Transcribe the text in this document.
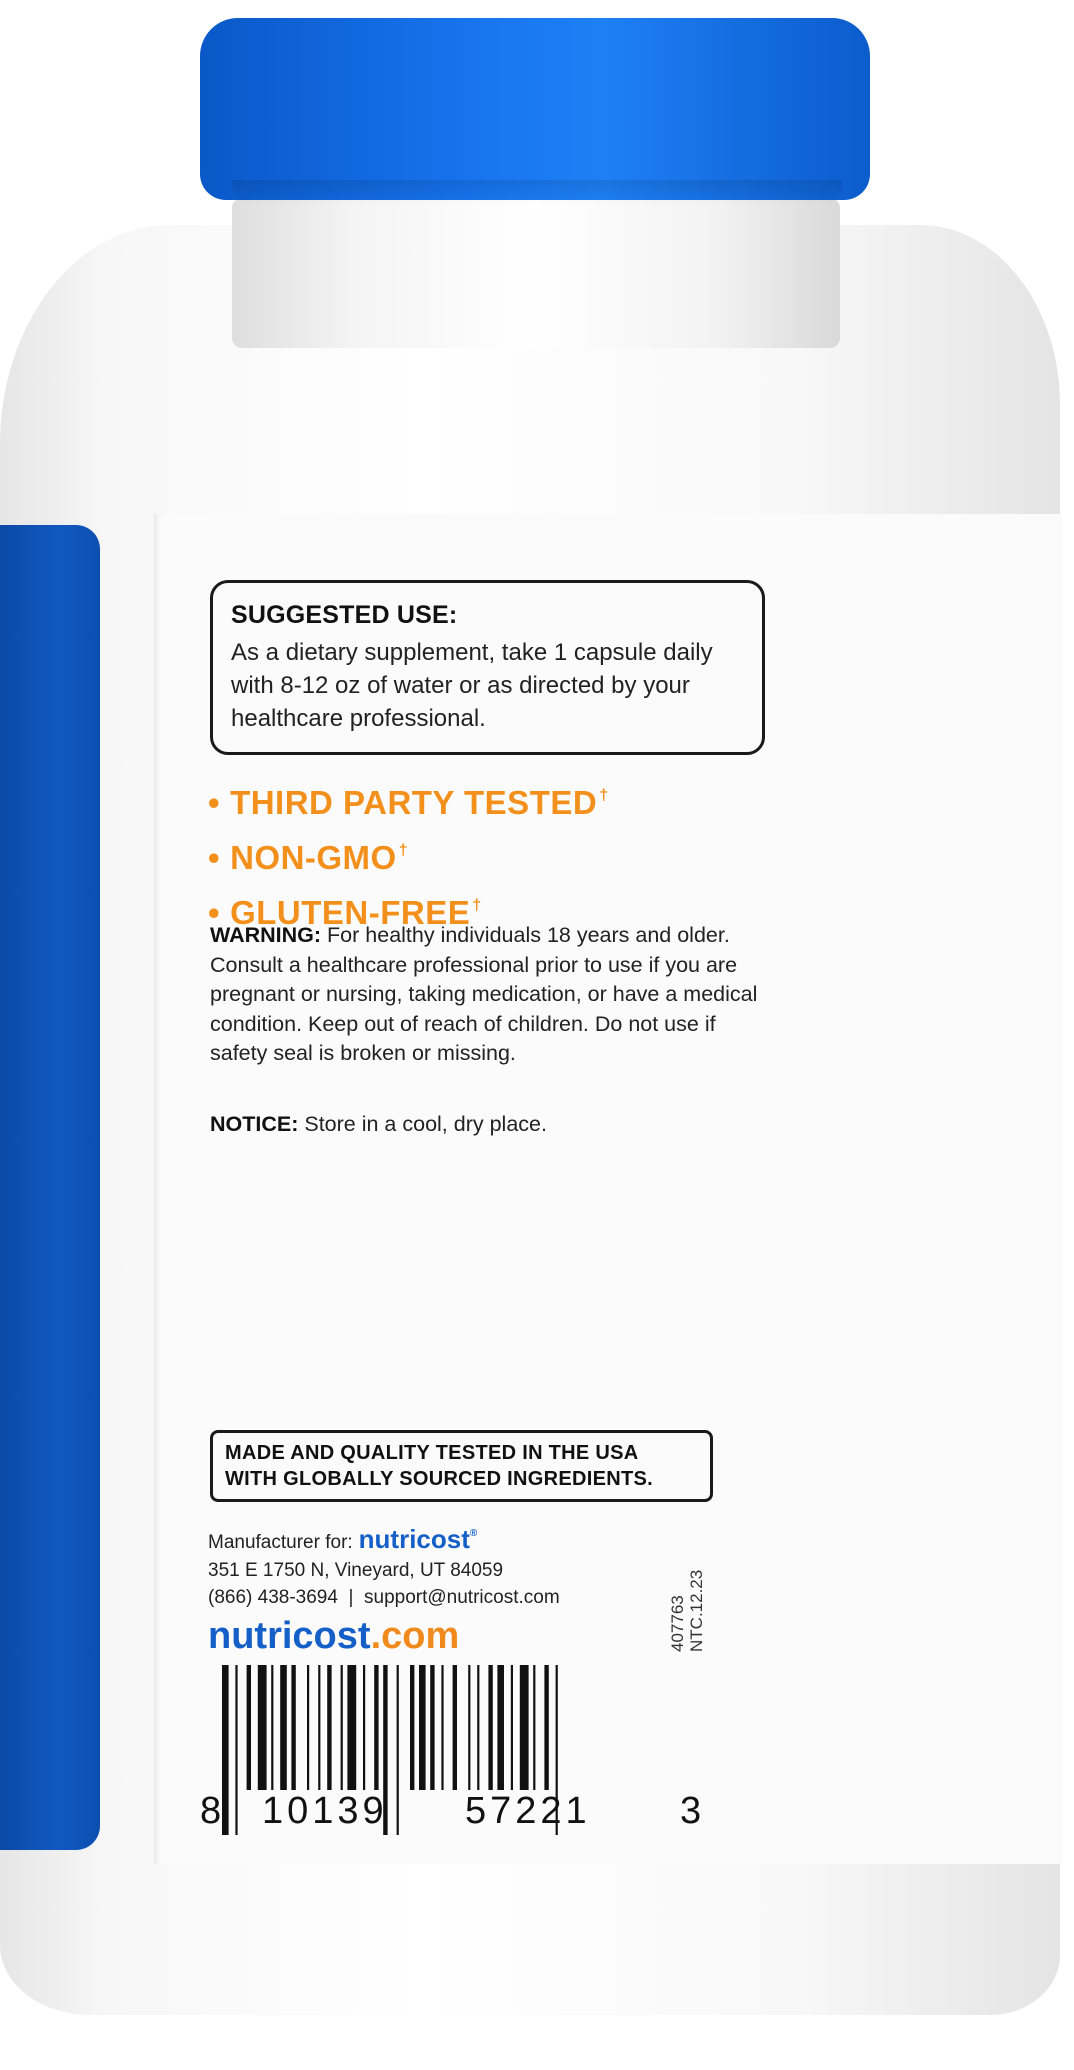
SUGGESTED USE:
As a dietary supplement, take 1 capsule daily with 8-12 oz of water or as directed by your healthcare professional.
• THIRD PARTY TESTED †
• NON-GMO †
• GLUTEN-FREE †
WARNING: For healthy individuals 18 years and older. Consult a healthcare professional prior to use if you are pregnant or nursing, taking medication, or have a medical condition. Keep out of reach of children. Do not use if safety seal is broken or missing.
NOTICE: Store in a cool, dry place.
MADE AND QUALITY TESTED IN THE USA
WITH GLOBALLY SOURCED INGREDIENTS.
Manufacturer for: nutricost®
351 E 1750 N, Vineyard, UT 84059
(866) 438-3694 | support@nutricost.com
nutricost.com	407763 NTC.12.23
8 10139 57221 3
